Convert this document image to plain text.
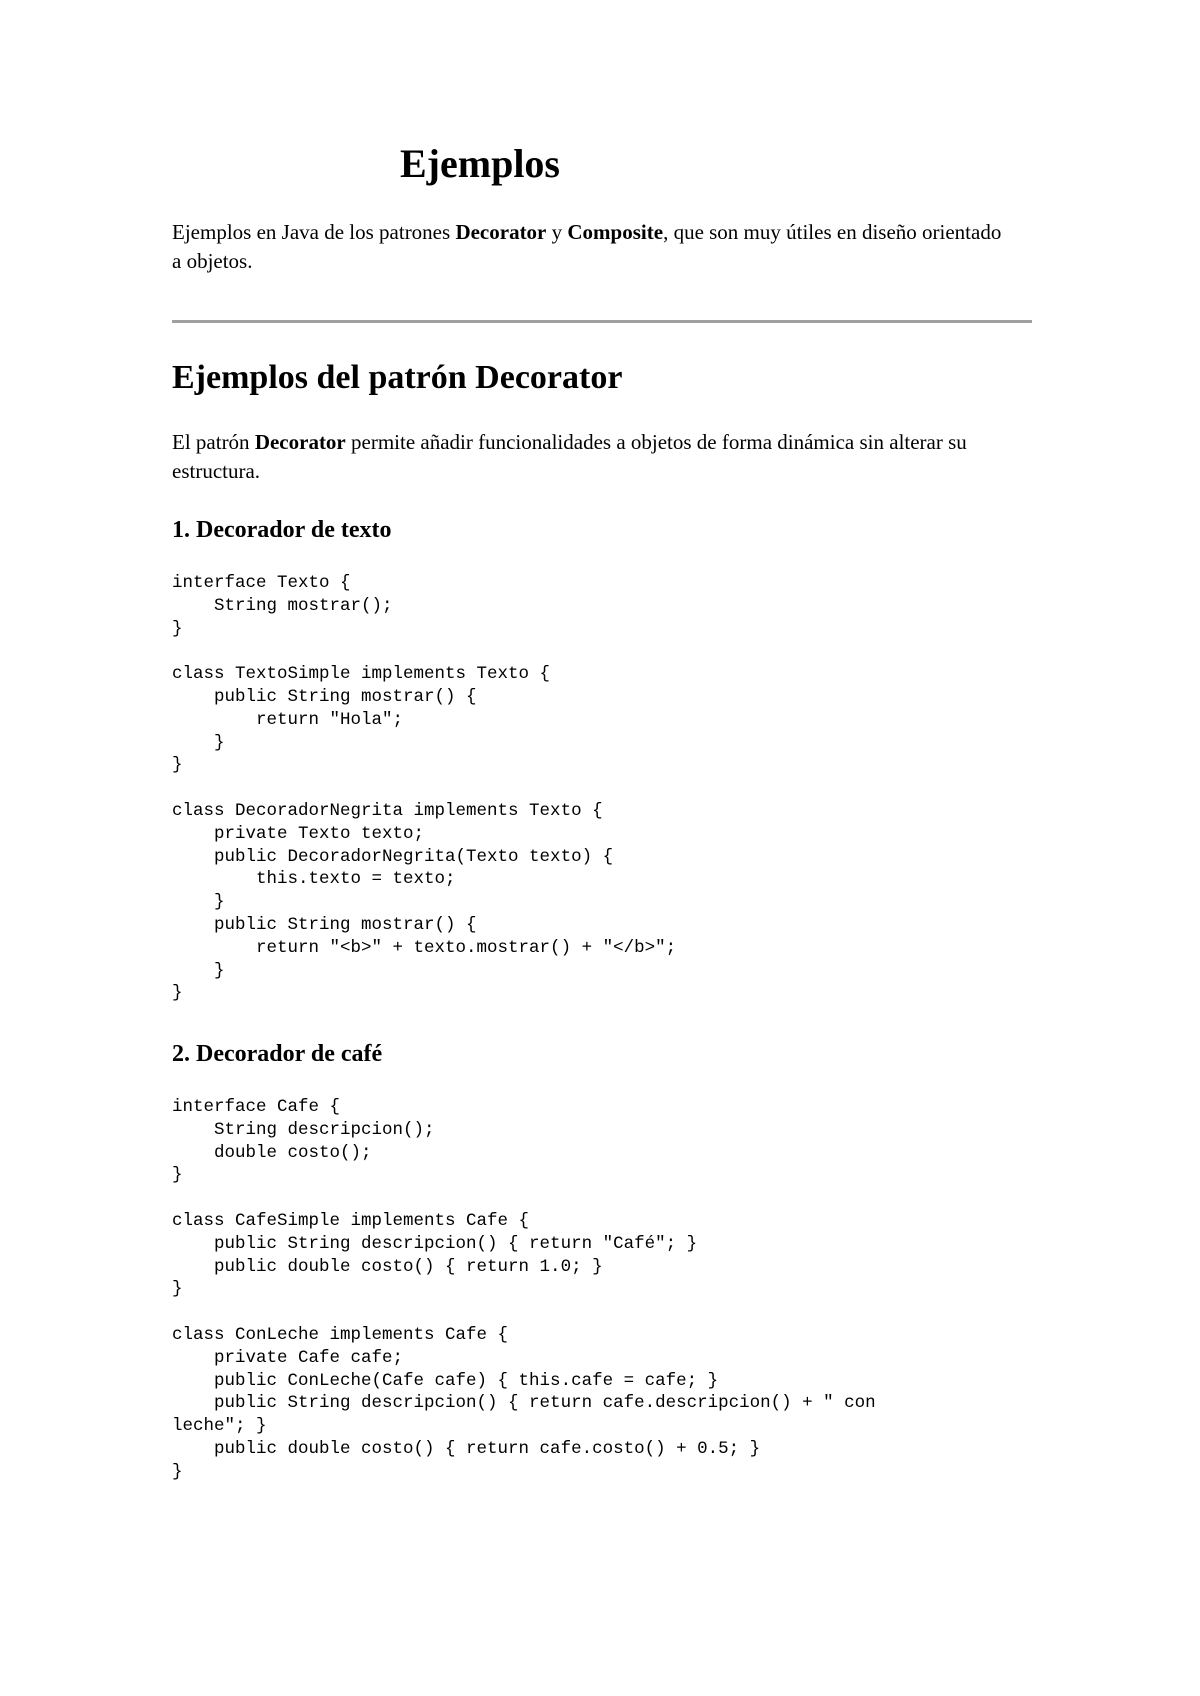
Ejemplos

Ejemplos en Java de los patrones Decorator y Composite, que son muy útiles en diseño orientado a objetos.

Ejemplos del patrón Decorator

El patrón Decorator permite añadir funcionalidades a objetos de forma dinámica sin alterar su estructura.

1. Decorador de texto
interface Texto {
String mostrar();
}

class TextoSimple implements Texto {
public String mostrar() {
return "Hola";
}
}

class DecoradorNegrita implements Texto {
private Texto texto;
public DecoradorNegrita(Texto texto) {
this.texto = texto;
}
public String mostrar() {
return "<b>" + texto.mostrar() + "</b>";
}
}
2. Decorador de café
interface Cafe {
String descripcion();
double costo();
}

class CafeSimple implements Cafe {
public String descripcion() { return "Café"; }
public double costo() { return 1.0; }
}

class ConLeche implements Cafe {
private Cafe cafe;
public ConLeche(Cafe cafe) { this.cafe = cafe; }
public String descripcion() { return cafe.descripcion() + " con
leche"; }
public double costo() { return cafe.costo() + 0.5; }
}
